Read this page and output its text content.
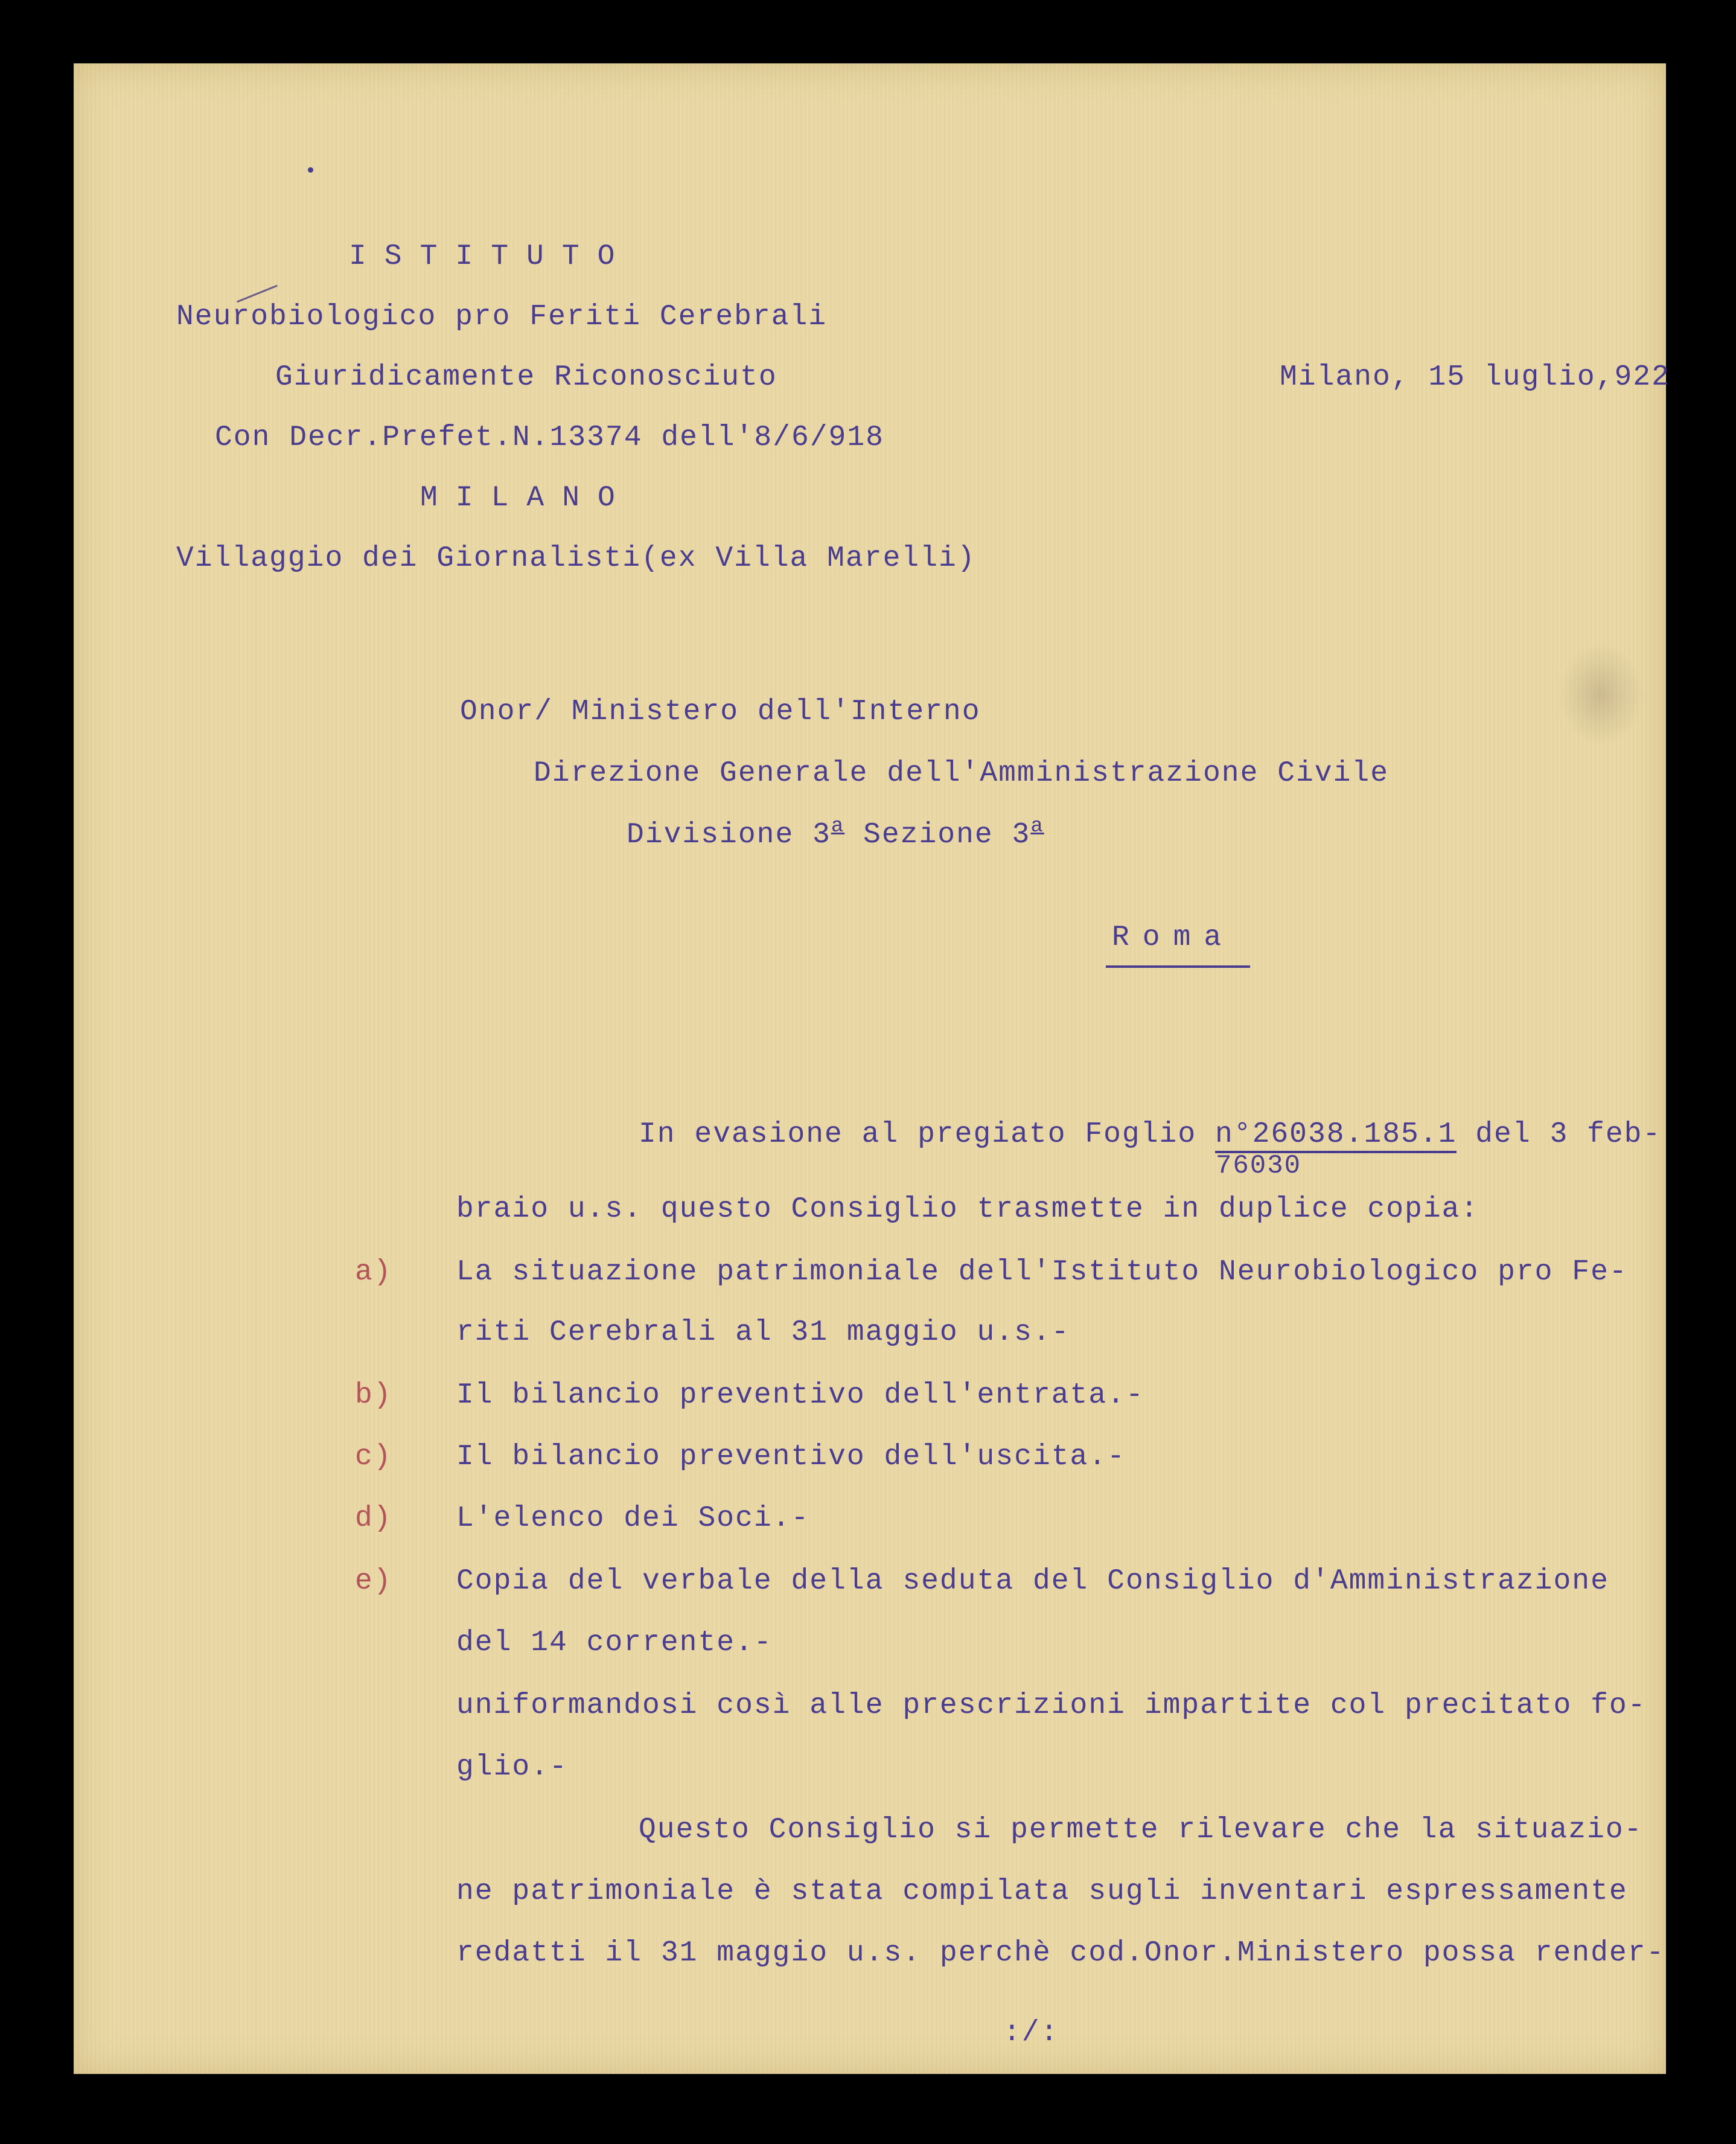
ISTITUTO
Neurobiologico pro Feriti Cerebrali
Giuridicamente Riconosciuto
Con Decr.Prefet.N.13374 dell'8/6/918
MILANO
Villaggio dei Giornalisti(ex Villa Marelli)
Milano, 15 luglio,922
Onor/ Ministero dell'Interno
Direzione Generale dell'Amministrazione Civile
Divisione 3$^a$ Sezione 3$^a$
Roma
In evasione al pregiato Foglio n°26038.185.1 del 3 feb-
76030
braio u.s. questo Consiglio trasmette in duplice copia:
a) La situazione patrimoniale dell'Istituto Neurobiologico pro Fe-
riti Cerebrali al 31 maggio u.s.-
b) Il bilancio preventivo dell'entrata.-
c) Il bilancio preventivo dell'uscita.-
d) L'elenco dei Soci.-
e) Copia del verbale della seduta del Consiglio d'Amministrazione
del 14 corrente.-
uniformandosi così alle prescrizioni impartite col precitato fo-
glio.-
Questo Consiglio si permette rilevare che la situazio-
ne patrimoniale è stata compilata sugli inventari espressamente
redatti il 31 maggio u.s. perchè cod.Onor.Ministero possa render-
:/:
